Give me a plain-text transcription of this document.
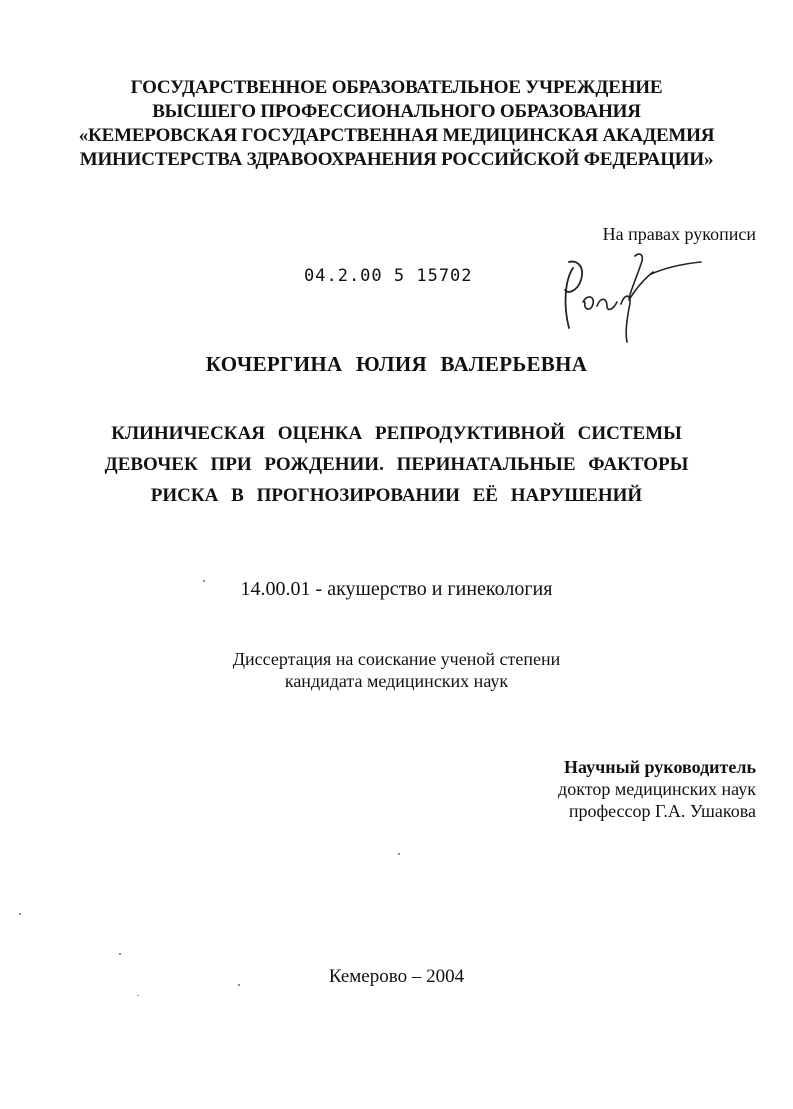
ГОСУДАРСТВЕННОЕ ОБРАЗОВАТЕЛЬНОЕ УЧРЕЖДЕНИЕ
ВЫСШЕГО ПРОФЕССИОНАЛЬНОГО ОБРАЗОВАНИЯ
«КЕМЕРОВСКАЯ ГОСУДАРСТВЕННАЯ МЕДИЦИНСКАЯ АКАДЕМИЯ
МИНИСТЕРСТВА ЗДРАВООХРАНЕНИЯ РОССИЙСКОЙ ФЕДЕРАЦИИ»
На правах рукописи
04.2.00 5 15702
КОЧЕРГИНА ЮЛИЯ ВАЛЕРЬЕВНА
КЛИНИЧЕСКАЯ ОЦЕНКА РЕПРОДУКТИВНОЙ СИСТЕМЫ
ДЕВОЧЕК ПРИ РОЖДЕНИИ. ПЕРИНАТАЛЬНЫЕ ФАКТОРЫ
РИСКА В ПРОГНОЗИРОВАНИИ ЕЁ НАРУШЕНИЙ
14.00.01 - акушерство и гинекология
Диссертация на соискание ученой степени
кандидата медицинских наук
Научный руководитель
доктор медицинских наук
профессор Г.А. Ушакова
Кемерово – 2004
